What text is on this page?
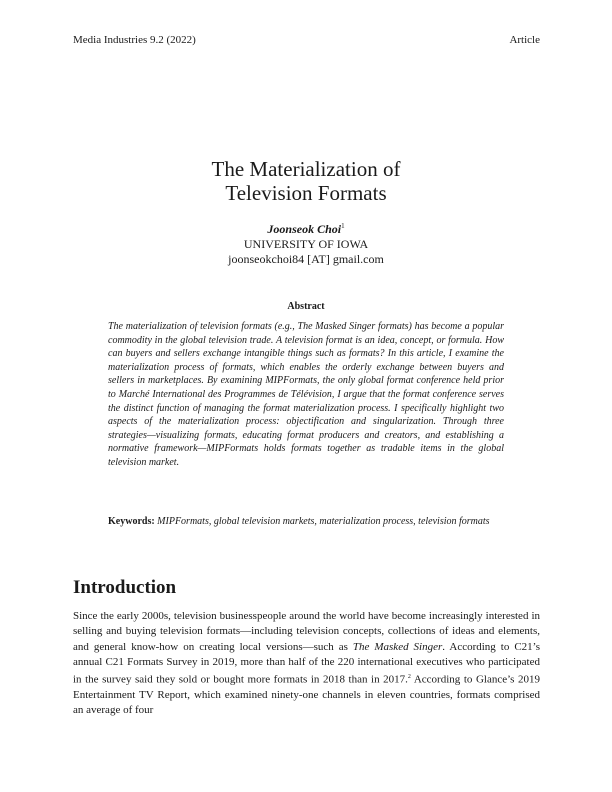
Media Industries 9.2 (2022)	Article
The Materialization of
Television Formats
Joonseok Choi$^1$
UNIVERSITY OF IOWA
joonseokchoi84 [AT] gmail.com
Abstract
The materialization of television formats (e.g., The Masked Singer formats) has become a popular commodity in the global television trade. A television format is an idea, concept, or formula. How can buyers and sellers exchange intangible things such as formats? In this article, I examine the materialization process of formats, which enables the orderly exchange between buyers and sellers in marketplaces. By examining MIPFormats, the only global format conference held prior to Marché International des Programmes de Télévision, I argue that the format conference serves the distinct function of managing the format materialization process. I specifically highlight two aspects of the materialization process: objectification and singularization. Through three strategies—visualizing formats, educating format producers and creators, and establishing a normative framework—MIPFormats holds formats together as tradable items in the global television market.
Keywords: MIPFormats, global television markets, materialization process, television formats
Introduction
Since the early 2000s, television businesspeople around the world have become increasingly interested in selling and buying television formats—including television concepts, collections of ideas and elements, and general know-how on creating local versions—such as The Masked Singer. According to C21’s annual C21 Formats Survey in 2019, more than half of the 220 international executives who participated in the survey said they sold or bought more formats in 2018 than in 2017.$^2$ According to Glance’s 2019 Entertainment TV Report, which examined ninety-one channels in eleven countries, formats comprised an average of four
